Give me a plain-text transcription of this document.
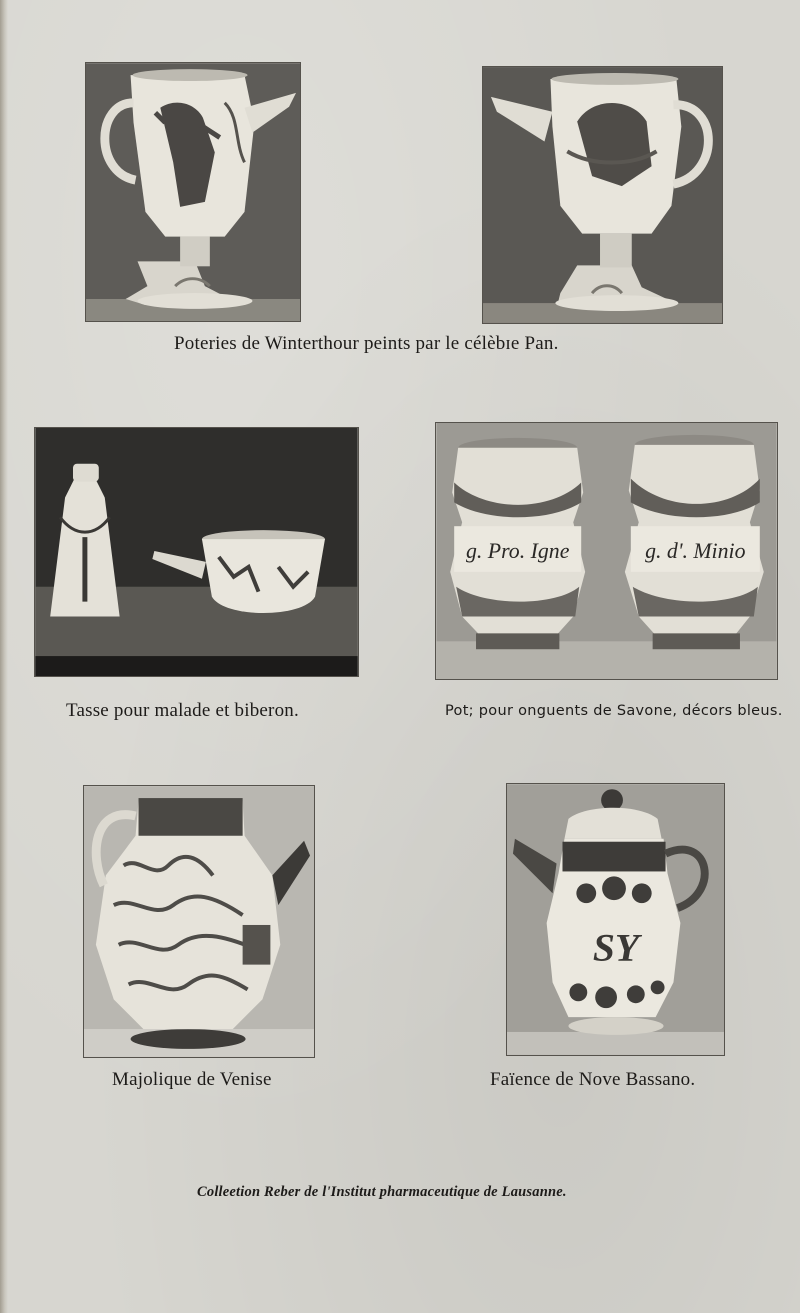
Poteries de Winterthour peints par le célèbɪe Pan.
g. Pro. Igne	g. d'. Minio
Tasse pour malade et biberon.	Pot; pour onguents de Savone, décors bleus.
SY
Majolique de Venise	Faïence de Nove Bassano.
Colleetion Reber de l'Institut pharmaceutique de Lausanne.
